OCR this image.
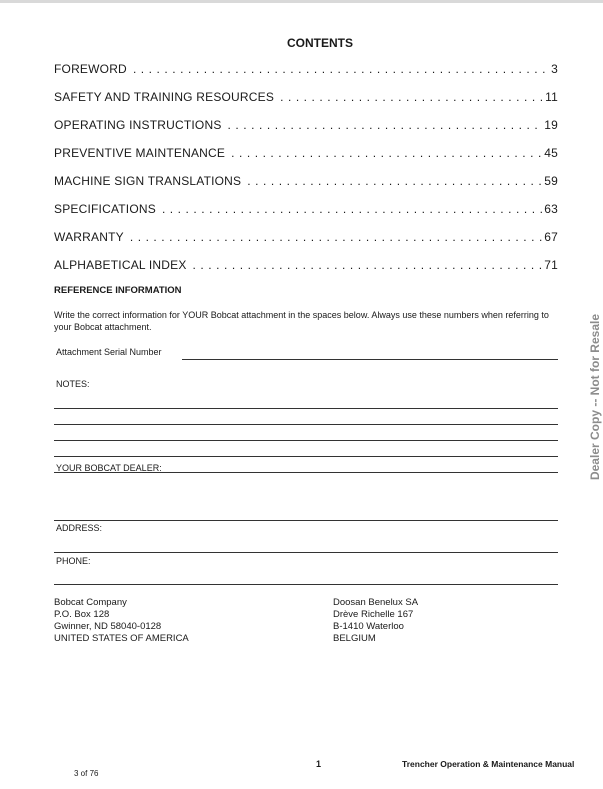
CONTENTS
FOREWORD . . .	3
SAFETY AND TRAINING RESOURCES . . .	11
OPERATING INSTRUCTIONS . . .	19
PREVENTIVE MAINTENANCE . . .	45
MACHINE SIGN TRANSLATIONS . . .	59
SPECIFICATIONS . . .	63
WARRANTY . . .	67
ALPHABETICAL INDEX . . .	71
REFERENCE INFORMATION
Write the correct information for YOUR Bobcat attachment in the spaces below. Always use these numbers when referring to your Bobcat attachment.
Attachment Serial Number
NOTES:
YOUR BOBCAT DEALER:
ADDRESS:
PHONE:
Bobcat Company
P.O. Box 128
Gwinner, ND 58040-0128
UNITED STATES OF AMERICA
Doosan Benelux SA
Drève Richelle 167
B-1410 Waterloo
BELGIUM
Dealer Copy -- Not for Resale
1	Trencher Operation & Maintenance Manual
3 of 76
